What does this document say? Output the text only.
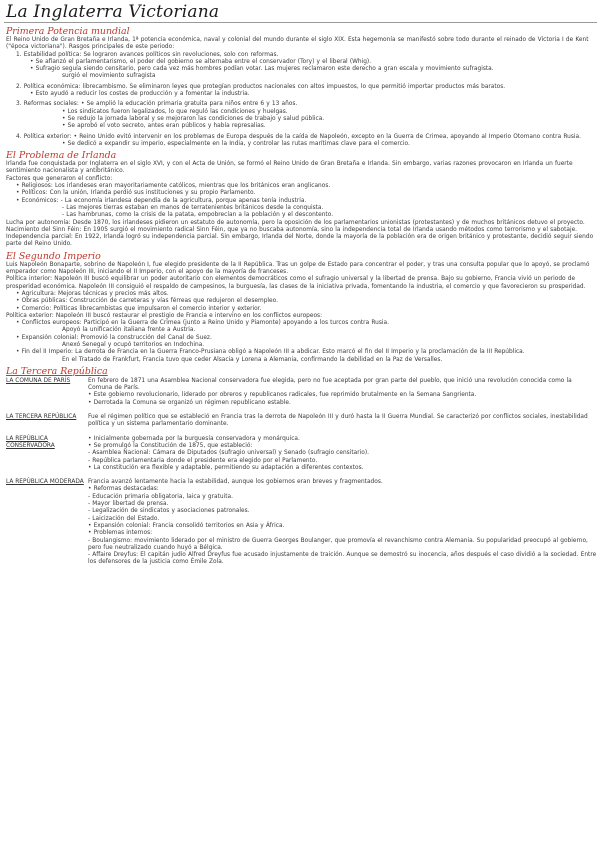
La Inglaterra Victoriana
Primera Potencia mundial

El Reino Unido de Gran Bretaña e Irlanda, 1ª potencia económica, naval y colonial del mundo durante el siglo XIX. Esta hegemonía se manifestó sobre todo durante el reinado de Victoria I de Kent ("época victoriana"). Rasgos principales de este periodo:

1. Estabilidad política: Se lograron avances políticos sin revoluciones, solo con reformas.

• Se afianzó el parlamentarismo, el poder del gobierno se alternaba entre el conservador (Tory) y el liberal (Whig).

• Sufragio seguía siendo censitario, pero cada vez más hombres podían votar. Las mujeres reclamaron este derecho a gran escala y movimiento sufragista.

surgió el movimiento sufragista

2. Política económica: librecambismo. Se eliminaron leyes que protegían productos nacionales con altos impuestos, lo que permitió importar productos más baratos.

• Esto ayudó a reducir los costes de producción y a fomentar la industria.

3. Reformas sociales: • Se amplió la educación primaria gratuita para niños entre 6 y 13 años.

• Los sindicatos fueron legalizados, lo que reguló las condiciones y huelgas.

• Se redujo la jornada laboral y se mejoraron las condiciones de trabajo y salud pública.

• Se aprobó el voto secreto, antes eran públicos y había represalias.

4. Política exterior: • Reino Unido evitó intervenir en los problemas de Europa después de la caída de Napoleón, excepto en la Guerra de Crimea, apoyando al Imperio Otomano contra Rusia.

• Se dedicó a expandir su imperio, especialmente en la India, y controlar las rutas marítimas clave para el comercio.

El Problema de Irlanda

Irlanda fue conquistada por Inglaterra en el siglo XVI, y con el Acta de Unión, se formó el Reino Unido de Gran Bretaña e Irlanda. Sin embargo, varias razones provocaron en Irlanda un fuerte sentimiento nacionalista y antibritánico.

Factores que generaron el conflicto:

• Religiosos: Los irlandeses eran mayoritariamente católicos, mientras que los británicos eran anglicanos.

• Políticos: Con la unión, Irlanda perdió sus instituciones y su propio Parlamento.

• Económicos: - La economía irlandesa dependía de la agricultura, porque apenas tenía industria.

- Las mejores tierras estaban en manos de terratenientes británicos desde la conquista.

- Las hambrunas, como la crisis de la patata, empobrecían a la población y el descontento.

Lucha por autonomía: Desde 1870, los irlandeses pidieron un estatuto de autonomía, pero la oposición de los parlamentarios unionistas (protestantes) y de muchos británicos detuvo el proyecto.

Nacimiento del Sinn Féin: En 1905 surgió el movimiento radical Sinn Féin, que ya no buscaba autonomía, sino la independencia total de Irlanda usando métodos como terrorismo y el sabotaje.

Independencia parcial: En 1922, Irlanda logró su independencia parcial. Sin embargo, Irlanda del Norte, donde la mayoría de la población era de origen británico y protestante, decidió seguir siendo parte del Reino Unido.

El Segundo Imperio

Luis Napoleón Bonaparte, sobrino de Napoleón I, fue elegido presidente de la II República. Tras un golpe de Estado para concentrar el poder, y tras una consulta popular que lo apoyó, se proclamó emperador como Napoleón III, iniciando el II Imperio, con el apoyo de la mayoría de franceses.

Política interior: Napoleón III buscó equilibrar un poder autoritario con elementos democráticos como el sufragio universal y la libertad de prensa. Bajo su gobierno, Francia vivió un periodo de prosperidad económica. Napoleón III consiguió el respaldo de campesinos, la burguesía, las clases de la iniciativa privada, fomentando la industria, el comercio y que favorecieron su prosperidad.

• Agricultura: Mejoras técnicas y precios más altos.

• Obras públicas: Construcción de carreteras y vías férreas que redujeron el desempleo.

• Comercio: Políticas librecambistas que impulsaron el comercio interior y exterior.

Política exterior: Napoleón III buscó restaurar el prestigio de Francia e intervino en los conflictos europeos:

• Conflictos europeos: Participó en la Guerra de Crimea (junto a Reino Unido y Piamonte) apoyando a los turcos contra Rusia.

Apoyó la unificación italiana frente a Austria.

• Expansión colonial: Promovió la construcción del Canal de Suez.

Anexó Senegal y ocupó territorios en Indochina.

• Fin del II Imperio: La derrota de Francia en la Guerra Franco-Prusiana obligó a Napoleón III a abdicar. Esto marcó el fin del II Imperio y la proclamación de la III República.

En el Tratado de Frankfurt, Francia tuvo que ceder Alsacia y Lorena a Alemania, confirmando la debilidad en la Paz de Versalles.

La Tercera República
LA COMUNA DE PARÍS	En febrero de 1871 una Asamblea Nacional conservadora fue elegida, pero no fue aceptada por gran parte del pueblo, que inició una revolución conocida como la Comuna de París.

• Este gobierno revolucionario, liderado por obreros y republicanos radicales, fue reprimido brutalmente en la Semana Sangrienta.

• Derrotada la Comuna se organizó un régimen republicano estable.

LA TERCERA REPÚBLICA	Fue el régimen político que se estableció en Francia tras la derrota de Napoleón III y duró hasta la II Guerra Mundial. Se caracterizó por conflictos sociales, inestabilidad política y un sistema parlamentario dominante.

LA REPÚBLICA CONSERVADORA

• Inicialmente gobernada por la burguesía conservadora y monárquica.

• Se promulgó la Constitución de 1875, que estableció:

- Asamblea Nacional: Cámara de Diputados (sufragio universal) y Senado (sufragio censitario).

- República parlamentaria donde el presidente era elegido por el Parlamento.

• La constitución era flexible y adaptable, permitiendo su adaptación a diferentes contextos.

LA REPÚBLICA MODERADA Francia avanzó lentamente hacia la estabilidad, aunque los gobiernos eran breves y fragmentados.

• Reformas destacadas:

- Educación primaria obligatoria, laica y gratuita.

- Mayor libertad de prensa.

- Legalización de sindicatos y asociaciones patronales.

- Laicización del Estado.

• Expansión colonial: Francia consolidó territorios en Asia y África.

• Problemas internos:

- Boulangismo: movimiento liderado por el ministro de Guerra Georges Boulanger, que promovía el revanchismo contra Alemania. Su popularidad preocupó al gobierno, pero fue neutralizado cuando huyó a Bélgica.

- Affaire Dreyfus: El capitán judío Alfred Dreyfus fue acusado injustamente de traición. Aunque se demostró su inocencia, años después el caso dividió a la sociedad. Entre los defensores de la justicia como Émile Zola.
